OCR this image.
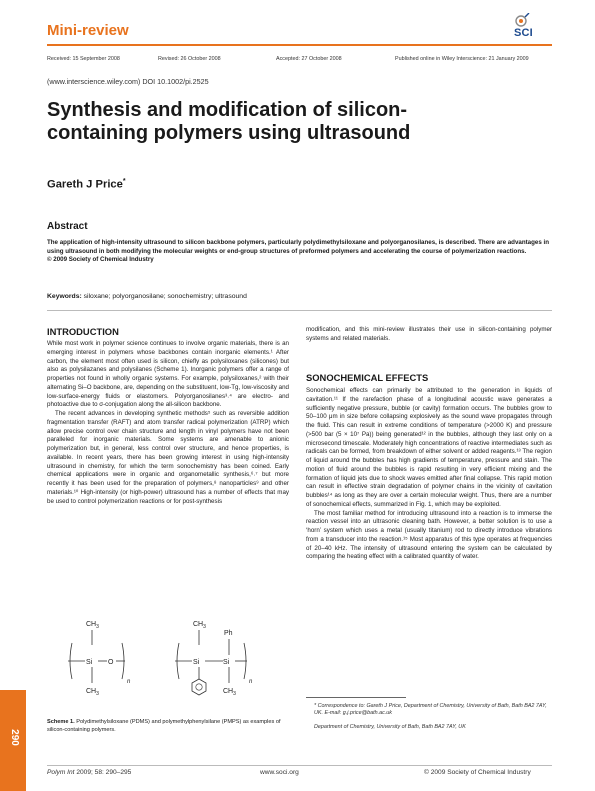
Mini-review	SCI
Received: 15 September 2008	Revised: 26 October 2008	Accepted: 27 October 2008	Published online in Wiley Interscience: 21 January 2009
(www.interscience.wiley.com) DOI 10.1002/pi.2525
Synthesis and modification of silicon-containing polymers using ultrasound
Gareth J Price*
Abstract
The application of high-intensity ultrasound to silicon backbone polymers, particularly polydimethylsiloxane and polyorganosilanes, is described. There are advantages in using ultrasound in both modifying the molecular weights or end-group structures of preformed polymers and accelerating the course of polymerization reactions.
© 2009 Society of Chemical Industry
Keywords: siloxane; polyorganosilane; sonochemistry; ultrasound
INTRODUCTION

While most work in polymer science continues to involve organic materials, there is an emerging interest in polymers whose backbones contain inorganic elements.¹ After carbon, the element most often used is silicon, chiefly as polysiloxanes (silicones) but also as polysilazanes and polysilanes (Scheme 1). Inorganic polymers offer a range of properties not found in wholly organic systems. For example, polysiloxanes,² with their alternating Si–O backbone, are, depending on the substituent, low-Tg, low-viscosity and low-surface-energy fluids or elastomers. Polyorganosilanes³˒⁴ are electro- and photoactive due to σ-conjugation along the all-silicon backbone.

The recent advances in developing synthetic methods⁵ such as reversible addition fragmentation transfer (RAFT) and atom transfer radical polymerization (ATRP) which allow precise control over chain structure and length in vinyl polymers have not been paralleled for inorganic materials. Some systems are amenable to anionic polymerization but, in general, less control over structure, and hence properties, is available. In recent years, there has been growing interest in using high-intensity ultrasound in chemistry, for which the term sonochemistry has been coined. Early chemical applications were in organic and organometallic synthesis,⁶˒⁷ but more recently it has been used for the preparation of polymers,⁸ nanoparticles⁹ and other materials.¹⁰ High-intensity (or high-power) ultrasound has a number of effects that may be used to control polymerization reactions or for post-synthesis

$CH_3$
Si O
n
$CH_3$
$CH_3$
Si	Si
n
Ph
$CH_3$
Scheme 1. Polydimethylsiloxane (PDMS) and polymethylphenylsilane (PMPS) as examples of silicon-containing polymers.

modification, and this mini-review illustrates their use in silicon-containing polymer systems and related materials.

SONOCHEMICAL EFFECTS

Sonochemical effects can primarily be attributed to the generation in liquids of cavitation.¹¹ If the rarefaction phase of a longitudinal acoustic wave generates a sufficiently negative pressure, bubble (or cavity) formation occurs. The bubbles grow to 50–100 μm in size before collapsing explosively as the sound wave propagates through the fluid. This can result in extreme conditions of temperature (>2000 K) and pressure (>500 bar (5 × 10⁷ Pa)) being generated¹² in the bubbles, although they last only on a microsecond timescale. Moderately high concentrations of reactive intermediates such as radicals can be formed, from breakdown of either solvent or added reagents.¹³ The region of liquid around the bubbles has high gradients of temperature, pressure and stain. The motion of fluid around the bubbles is rapid resulting in very efficient mixing and the formation of liquid jets due to shock waves emitted after final collapse. This rapid motion can result in effective strain degradation of polymer chains in the vicinity of cavitation bubbles¹⁴ as long as they are over a certain molecular weight. Thus, there are a number of sonochemical effects, summarized in Fig. 1, which may be exploited.

The most familiar method for introducing ultrasound into a reaction is to immerse the reaction vessel into an ultrasonic cleaning bath. However, a better solution is to use a ‘horn’ system which uses a metal (usually titanium) rod to directly introduce vibrations from a transducer into the reaction.¹⁵ Most apparatus of this type operates at frequencies of 20–40 kHz. The intensity of ultrasound entering the system can be calculated by comparing the heating effect with a calibrated quantity of water.

* Correspondence to: Gareth J Price, Department of Chemistry, University of Bath, Bath BA2 7AY, UK. E-mail: g.j.price@bath.ac.uk

Department of Chemistry, University of Bath, Bath BA2 7AY, UK

290
Polym Int 2009; 58: 290–295	www.soci.org	© 2009 Society of Chemical Industry
